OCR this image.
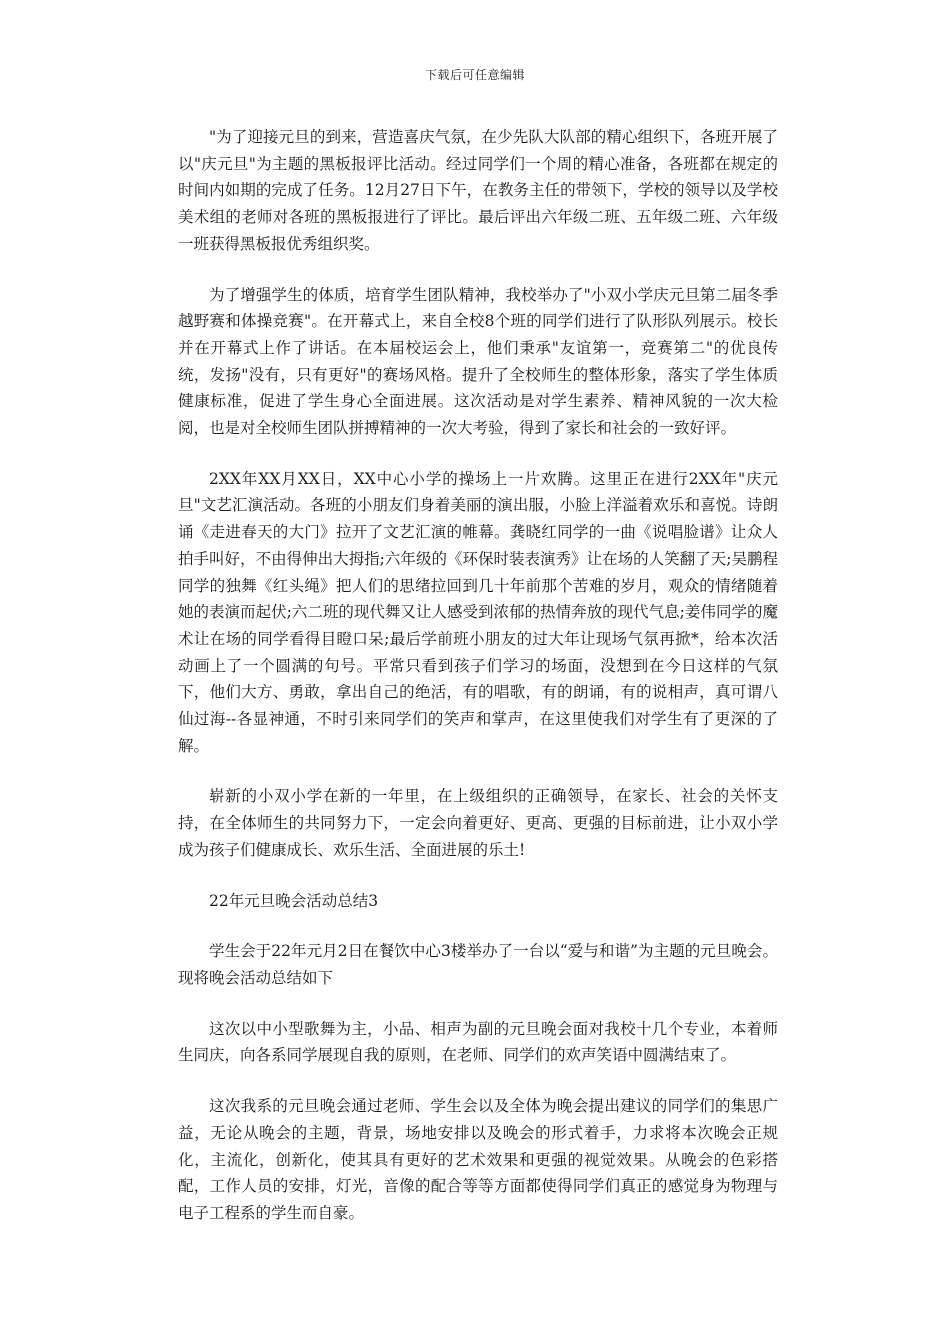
下载后可任意编辑

"为了迎接元旦的到来，营造喜庆气氛，在少先队大队部的精心组织下，各班开展了以"庆元旦"为主题的黑板报评比活动。经过同学们一个周的精心准备，各班都在规定的时间内如期的完成了任务。12月27日下午，在教务主任的带领下，学校的领导以及学校美术组的老师对各班的黑板报进行了评比。最后评出六年级二班、五年级二班、六年级一班获得黑板报优秀组织奖。

为了增强学生的体质，培育学生团队精神，我校举办了"小双小学庆元旦第二届冬季越野赛和体操竞赛"。在开幕式上，来自全校8个班的同学们进行了队形队列展示。校长并在开幕式上作了讲话。在本届校运会上，他们秉承"友谊第一，竞赛第二"的优良传统，发扬"没有，只有更好"的赛场风格。提升了全校师生的整体形象，落实了学生体质健康标准，促进了学生身心全面进展。这次活动是对学生素养、精神风貌的一次大检阅，也是对全校师生团队拼搏精神的一次大考验，得到了家长和社会的一致好评。

2XX年XX月XX日，XX中心小学的操场上一片欢腾。这里正在进行2XX年"庆元旦"文艺汇演活动。各班的小朋友们身着美丽的演出服，小脸上洋溢着欢乐和喜悦。诗朗诵《走进春天的大门》拉开了文艺汇演的帷幕。龚晓红同学的一曲《说唱脸谱》让众人拍手叫好，不由得伸出大拇指;六年级的《环保时装表演秀》让在场的人笑翻了天;吴鹏程同学的独舞《红头绳》把人们的思绪拉回到几十年前那个苦难的岁月，观众的情绪随着她的表演而起伏;六二班的现代舞又让人感受到浓郁的热情奔放的现代气息;姜伟同学的魔术让在场的同学看得目瞪口呆;最后学前班小朋友的过大年让现场气氛再掀*，给本次活动画上了一个圆满的句号。平常只看到孩子们学习的场面，没想到在今日这样的气氛下，他们大方、勇敢，拿出自己的绝活，有的唱歌，有的朗诵，有的说相声，真可谓八仙过海--各显神通，不时引来同学们的笑声和掌声，在这里使我们对学生有了更深的了解。

崭新的小双小学在新的一年里，在上级组织的正确领导，在家长、社会的关怀支持，在全体师生的共同努力下，一定会向着更好、更高、更强的目标前进，让小双小学成为孩子们健康成长、欢乐生活、全面进展的乐土!

22年元旦晚会活动总结3

学生会于22年元月2日在餐饮中心3楼举办了一台以“爱与和谐”为主题的元旦晚会。现将晚会活动总结如下

这次以中小型歌舞为主，小品、相声为副的元旦晚会面对我校十几个专业，本着师生同庆，向各系同学展现自我的原则，在老师、同学们的欢声笑语中圆满结束了。

这次我系的元旦晚会通过老师、学生会以及全体为晚会提出建议的同学们的集思广益，无论从晚会的主题，背景，场地安排以及晚会的形式着手，力求将本次晚会正规化，主流化，创新化，使其具有更好的艺术效果和更强的视觉效果。从晚会的色彩搭配，工作人员的安排，灯光，音像的配合等等方面都使得同学们真正的感觉身为物理与电子工程系的学生而自豪。
